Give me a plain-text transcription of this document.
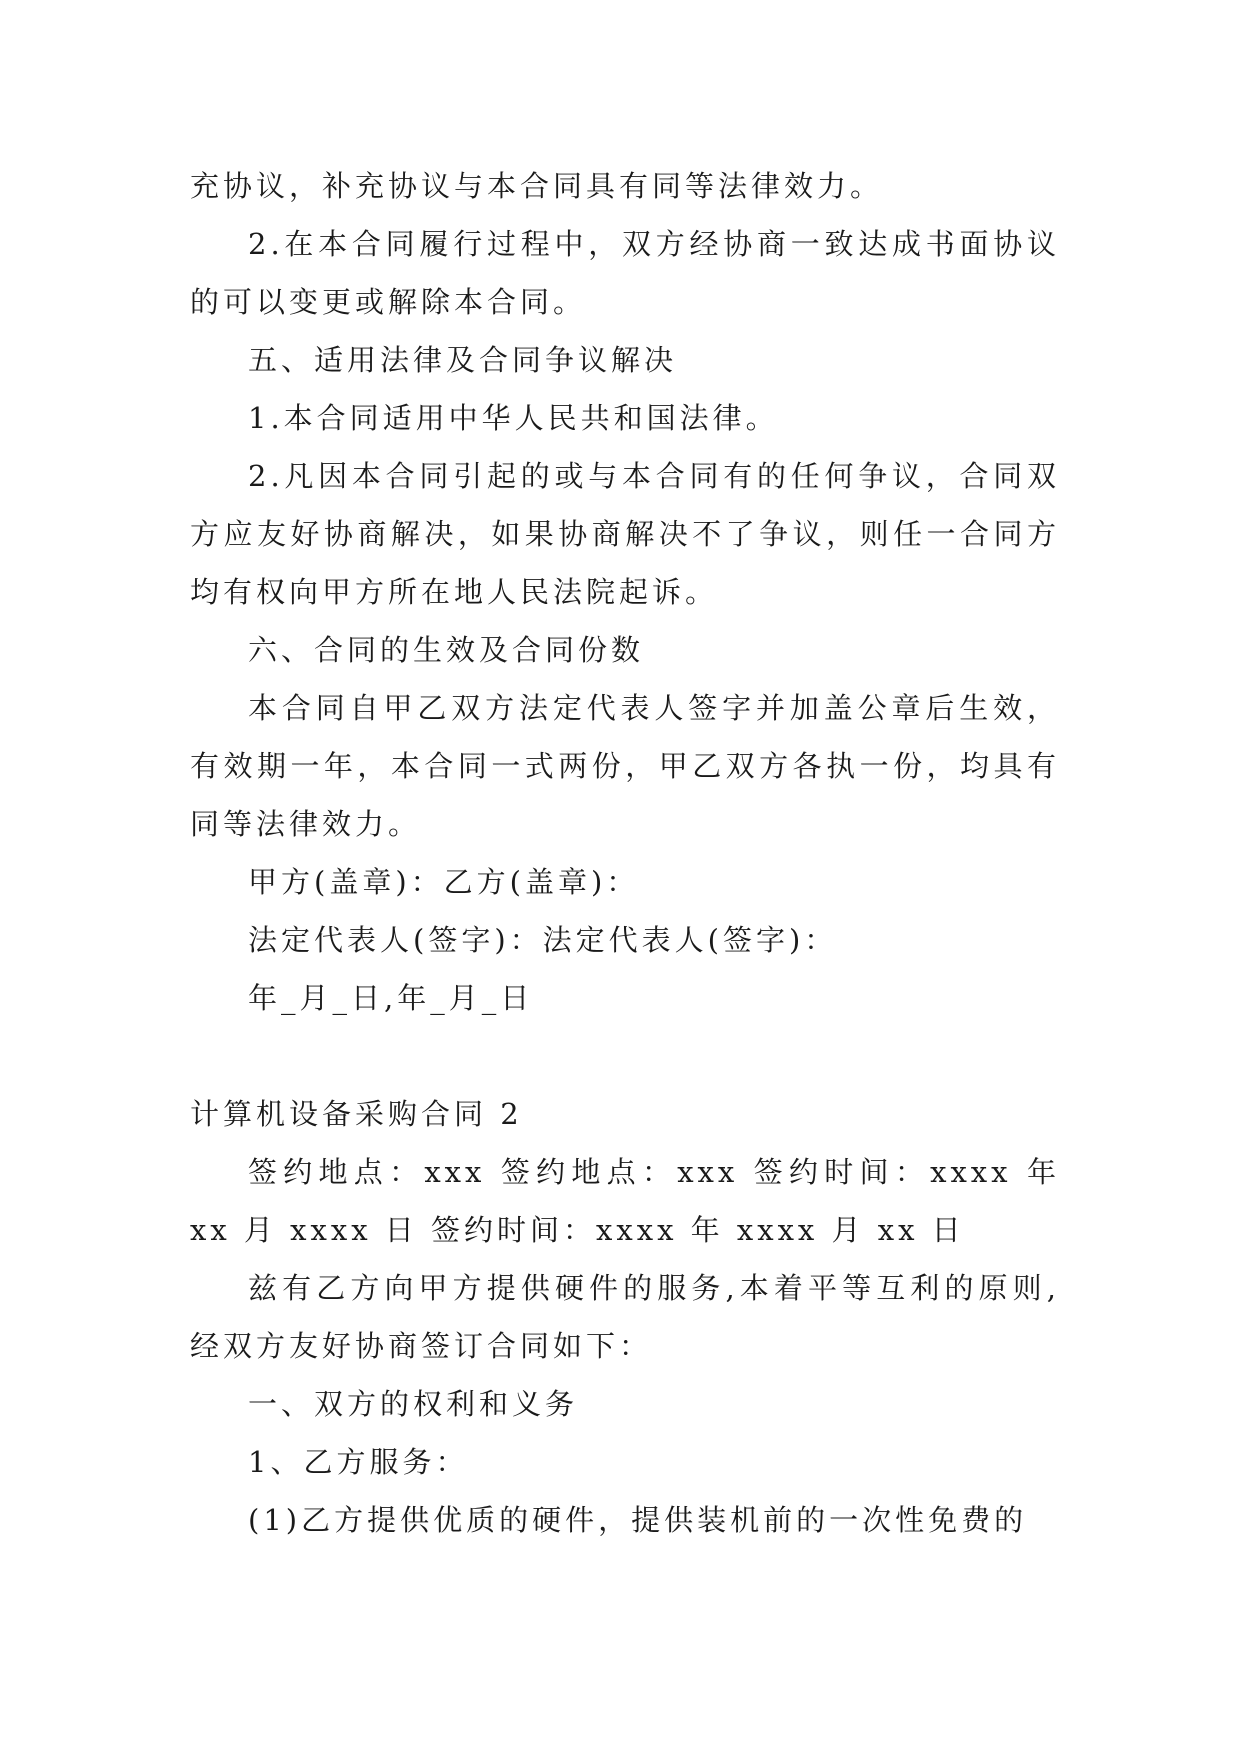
充协议，补充协议与本合同具有同等法律效力。

2.在本合同履行过程中，双方经协商一致达成书面协议的可以变更或解除本合同。

五、适用法律及合同争议解决

1.本合同适用中华人民共和国法律。

2.凡因本合同引起的或与本合同有的任何争议，合同双方应友好协商解决，如果协商解决不了争议，则任一合同方均有权向甲方所在地人民法院起诉。

六、合同的生效及合同份数

本合同自甲乙双方法定代表人签字并加盖公章后生效，有效期一年，本合同一式两份，甲乙双方各执一份，均具有同等法律效力。

甲方(盖章)：乙方(盖章)：

法定代表人(签字)：法定代表人(签字)：

年_月_日,年_月_日

计算机设备采购合同 2

签约地点：xxx 签约地点：xxx 签约时间：xxxx 年 xx 月 xxxx 日 签约时间：xxxx 年 xxxx 月 xx 日

兹有乙方向甲方提供硬件的服务,本着平等互利的原则,经双方友好协商签订合同如下：

一、双方的权利和义务

1、乙方服务：

(1)乙方提供优质的硬件，提供装机前的一次性免费的
